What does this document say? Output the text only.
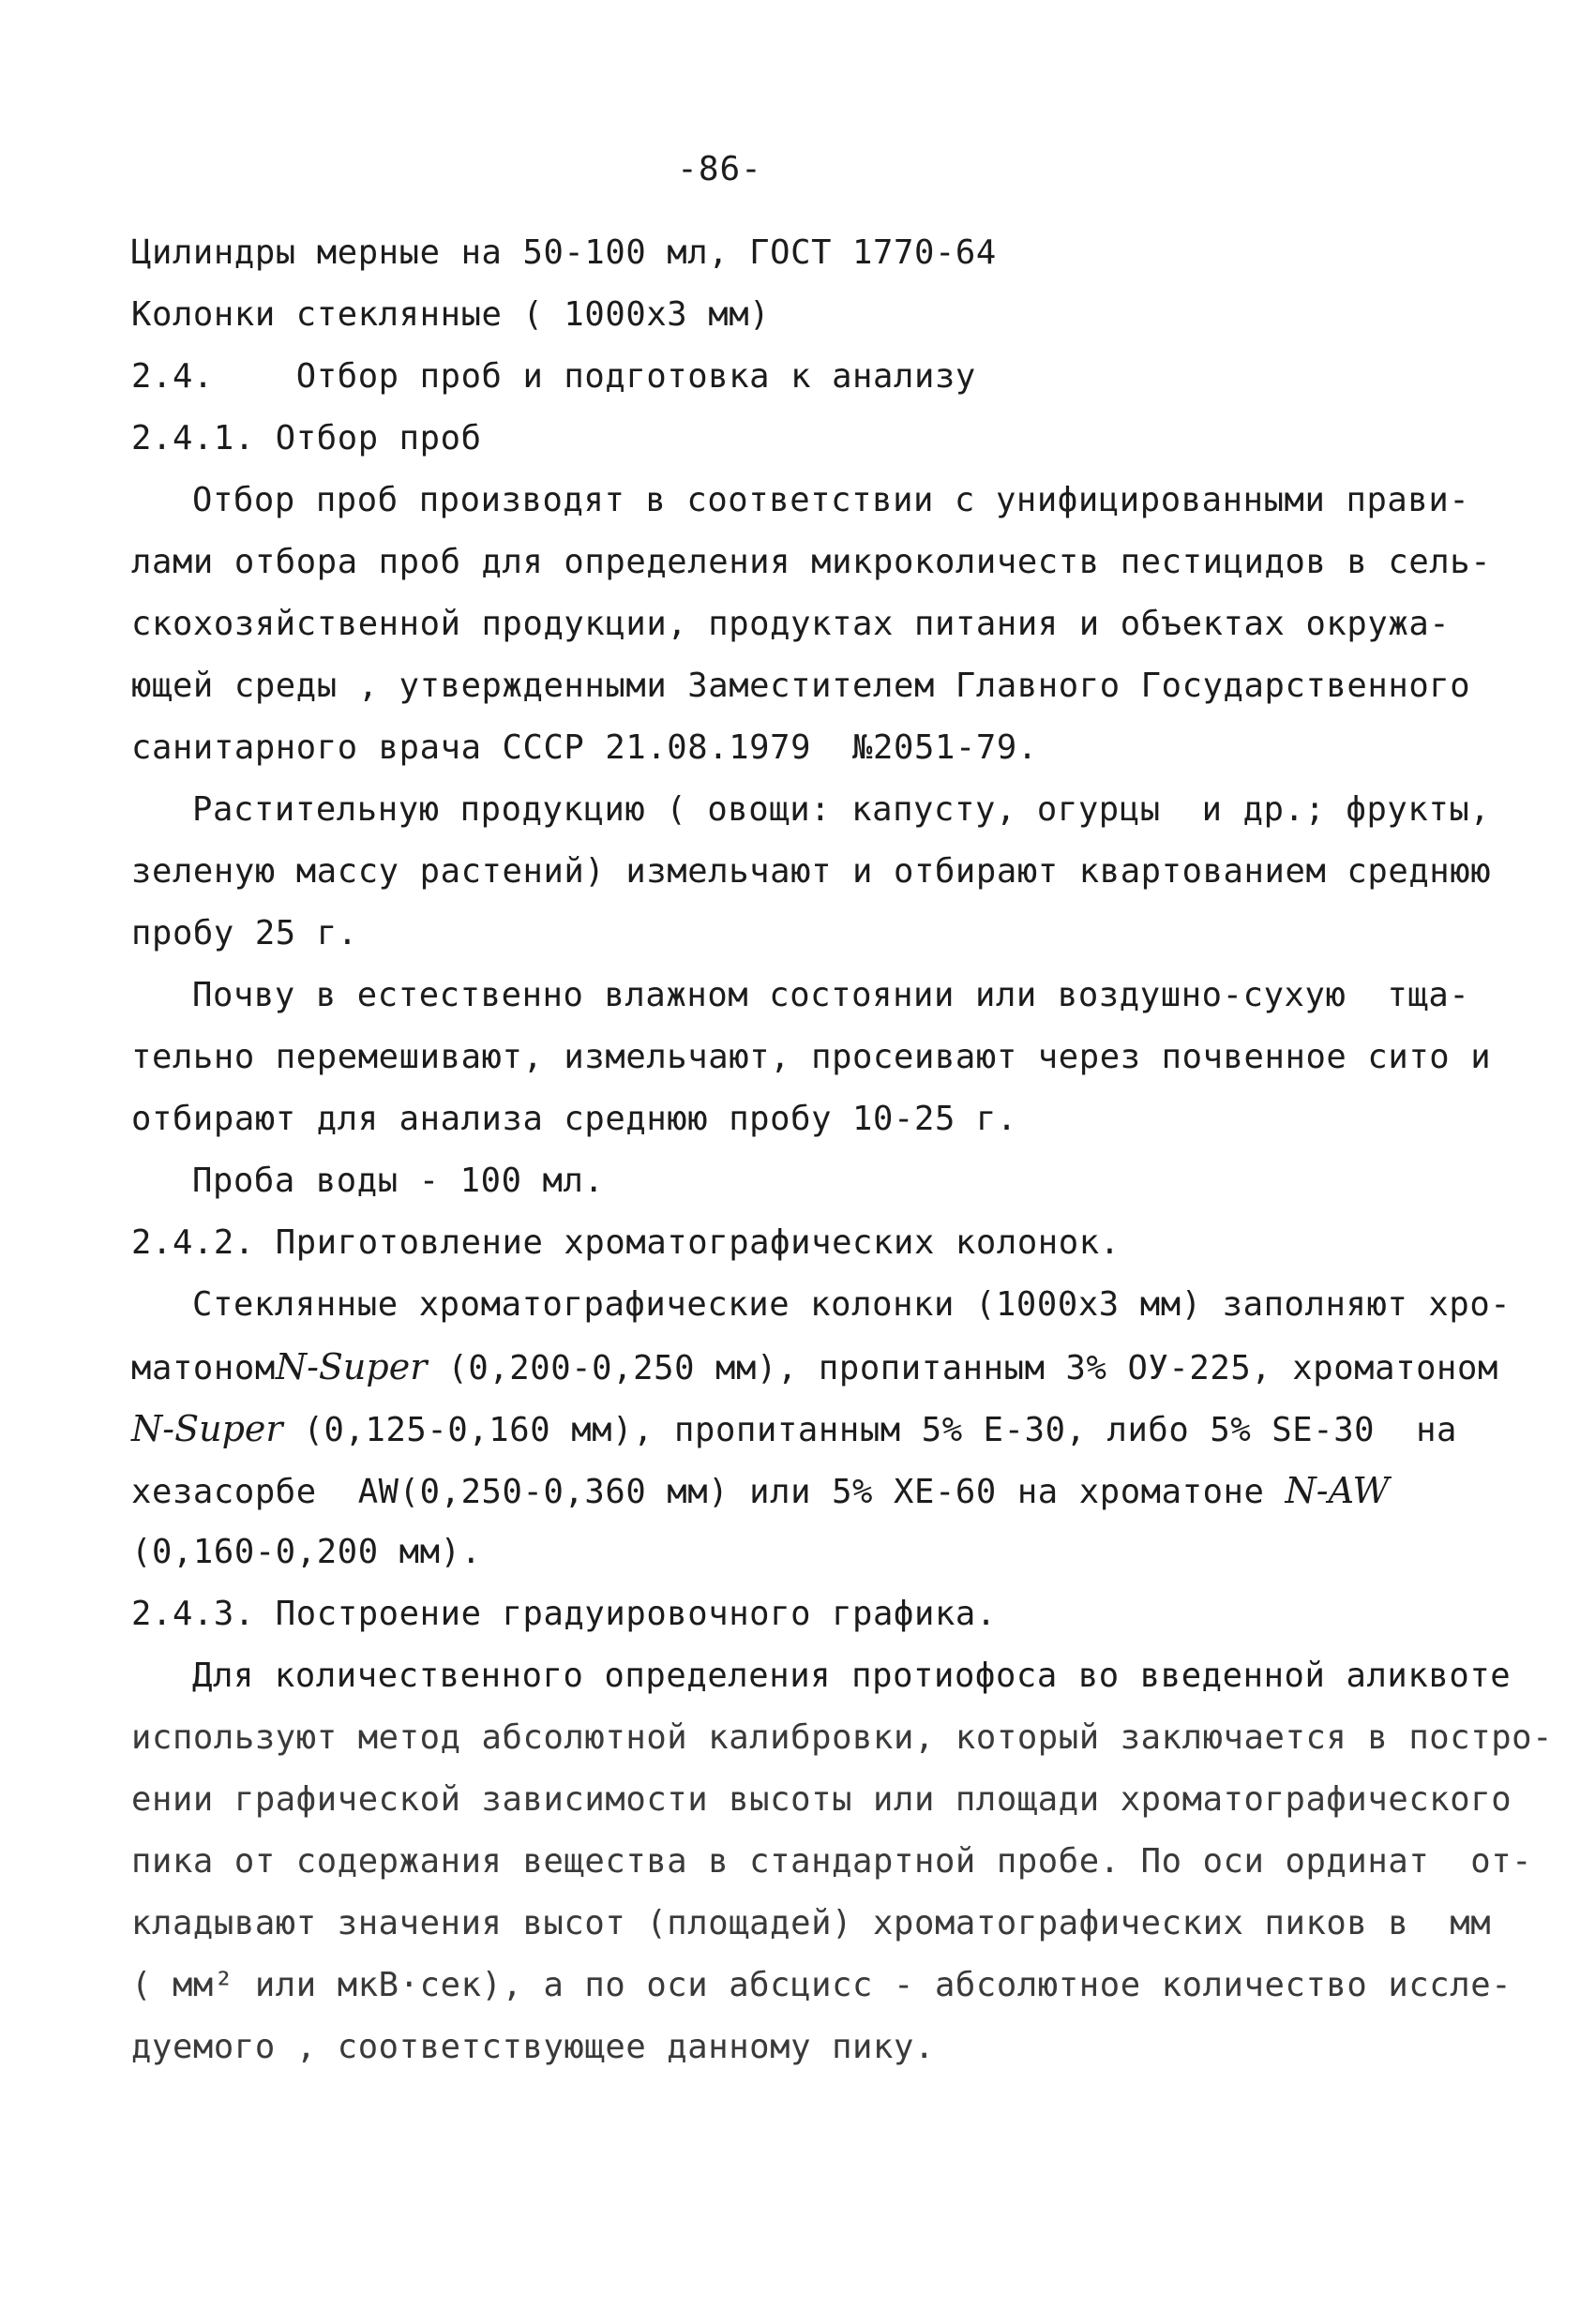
-86-
Цилиндры мерные на 50-100 мл, ГОСТ 1770-64
Колонки стеклянные ( 1000х3 мм)
2.4.    Отбор проб и подготовка к анализу
2.4.1. Отбор проб
Отбор проб производят в соответствии с унифицированными прави-
лами отбора проб для определения микроколичеств пестицидов в сель-
скохозяйственной продукции, продуктах питания и объектах окружа-
ющей среды , утвержденными Заместителем Главного Государственного
санитарного врача СССР 21.08.1979  №2051-79.
Растительную продукцию ( овощи: капусту, огурцы  и др.; фрукты,
зеленую массу растений) измельчают и отбирают квартованием среднюю
пробу 25 г.
Почву в естественно влажном состоянии или воздушно-сухую  тща-
тельно перемешивают, измельчают, просеивают через почвенное сито и
отбирают для анализа среднюю пробу 10-25 г.
Проба воды - 100 мл.
2.4.2. Приготовление хроматографических колонок.
Стеклянные хроматографические колонки (1000х3 мм) заполняют хро-
матономN-Super (0,200-0,250 мм), пропитанным 3% ОУ-225, хроматоном
N-Super (0,125-0,160 мм), пропитанным 5% Е-30, либо 5% SE-30  на
хезасорбе  AW(0,250-0,360 мм) или 5% ХЕ-60 на хроматоне N-AW
(0,160-0,200 мм).
2.4.3. Построение градуировочного графика.
Для количественного определения протиофоса во введенной аликвоте
используют метод абсолютной калибровки, который заключается в постро-
ении графической зависимости высоты или площади хроматографического
пика от содержания вещества в стандартной пробе. По оси ординат  от-
кладывают значения высот (площадей) хроматографических пиков в  мм
( мм² или мкВ·сек), а по оси абсцисс - абсолютное количество иссле-
дуемого , соответствующее данному пику.
